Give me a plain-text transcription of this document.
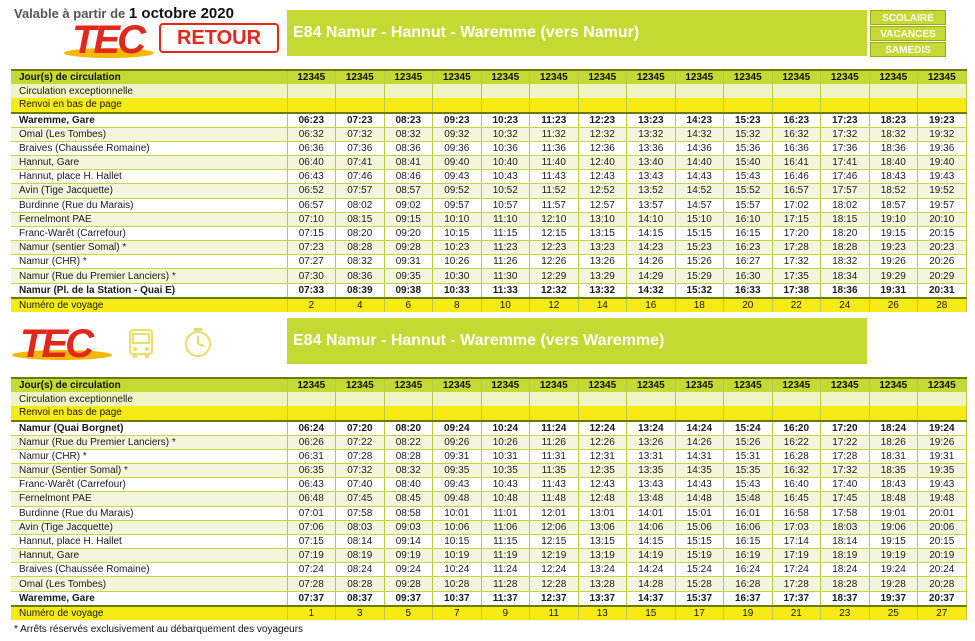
Valable à partir de 1 octobre 2020
TEC	RETOUR	E84 Namur - Hannut - Waremme (vers Namur)
SCOLAIRE
VACANCES
SAMEDIS
Jour(s) de circulation	12345	12345	12345	12345	12345	12345	12345	12345	12345	12345	12345	12345	12345	12345
Circulation exceptionnelle														
Renvoi en bas de page														
Waremme, Gare	06:23	07:23	08:23	09:23	10:23	11:23	12:23	13:23	14:23	15:23	16:23	17:23	18:23	19:23
Omal (Les Tombes)	06:32	07:32	08:32	09:32	10:32	11:32	12:32	13:32	14:32	15:32	16:32	17:32	18:32	19:32
Braives (Chaussée Romaine)	06:36	07:36	08:36	09:36	10:36	11:36	12:36	13:36	14:36	15:36	16:36	17:36	18:36	19:36
Hannut, Gare	06:40	07:41	08:41	09:40	10:40	11:40	12:40	13:40	14:40	15:40	16:41	17:41	18:40	19:40
Hannut, place H. Hallet	06:43	07:46	08:46	09:43	10:43	11:43	12:43	13:43	14:43	15:43	16:46	17:46	18:43	19:43
Avin (Tige Jacquette)	06:52	07:57	08:57	09:52	10:52	11:52	12:52	13:52	14:52	15:52	16:57	17:57	18:52	19:52
Burdinne (Rue du Marais)	06:57	08:02	09:02	09:57	10:57	11:57	12:57	13:57	14:57	15:57	17:02	18:02	18:57	19:57
Fernelmont PAE	07:10	08:15	09:15	10:10	11:10	12:10	13:10	14:10	15:10	16:10	17:15	18:15	19:10	20:10
Franc-Warêt (Carrefour)	07:15	08:20	09:20	10:15	11:15	12:15	13:15	14:15	15:15	16:15	17:20	18:20	19:15	20:15
Namur (sentier Somal) *	07:23	08:28	09:28	10:23	11:23	12:23	13:23	14:23	15:23	16:23	17:28	18:28	19:23	20:23
Namur (CHR) *	07:27	08:32	09:31	10:26	11:26	12:26	13:26	14:26	15:26	16:27	17:32	18:32	19:26	20:26
Namur (Rue du Premier Lanciers) *	07:30	08:36	09:35	10:30	11:30	12:29	13:29	14:29	15:29	16:30	17:35	18:34	19:29	20:29
Namur (Pl. de la Station - Quai E)	07:33	08:39	09:38	10:33	11:33	12:32	13:32	14:32	15:32	16:33	17:38	18:36	19:31	20:31
Numéro de voyage	2	4	6	8	10	12	14	16	18	20	22	24	26	28
TEC	E84 Namur - Hannut - Waremme (vers Waremme)
Jour(s) de circulation	12345	12345	12345	12345	12345	12345	12345	12345	12345	12345	12345	12345	12345	12345
Circulation exceptionnelle														
Renvoi en bas de page														
Namur (Quai Borgnet)	06:24	07:20	08:20	09:24	10:24	11:24	12:24	13:24	14:24	15:24	16:20	17:20	18:24	19:24
Namur (Rue du Premier Lanciers) *	06:26	07:22	08:22	09:26	10:26	11:26	12:26	13:26	14:26	15:26	16:22	17:22	18:26	19:26
Namur (CHR) *	06:31	07:28	08:28	09:31	10:31	11:31	12:31	13:31	14:31	15:31	16:28	17:28	18:31	19:31
Namur (Sentier Somal) *	06:35	07:32	08:32	09:35	10:35	11:35	12:35	13:35	14:35	15:35	16:32	17:32	18:35	19:35
Franc-Warêt (Carrefour)	06:43	07:40	08:40	09:43	10:43	11:43	12:43	13:43	14:43	15:43	16:40	17:40	18:43	19:43
Fernelmont PAE	06:48	07:45	08:45	09:48	10:48	11:48	12:48	13:48	14:48	15:48	16:45	17:45	18:48	19:48
Burdinne (Rue du Marais)	07:01	07:58	08:58	10:01	11:01	12:01	13:01	14:01	15:01	16:01	16:58	17:58	19:01	20:01
Avin (Tige Jacquette)	07:06	08:03	09:03	10:06	11:06	12:06	13:06	14:06	15:06	16:06	17:03	18:03	19:06	20:06
Hannut, place H. Hallet	07:15	08:14	09:14	10:15	11:15	12:15	13:15	14:15	15:15	16:15	17:14	18:14	19:15	20:15
Hannut, Gare	07:19	08:19	09:19	10:19	11:19	12:19	13:19	14:19	15:19	16:19	17:19	18:19	19:19	20:19
Braives (Chaussée Romaine)	07:24	08:24	09:24	10:24	11:24	12:24	13:24	14:24	15:24	16:24	17:24	18:24	19:24	20:24
Omal (Les Tombes)	07:28	08:28	09:28	10:28	11:28	12:28	13:28	14:28	15:28	16:28	17:28	18:28	19:28	20:28
Waremme, Gare	07:37	08:37	09:37	10:37	11:37	12:37	13:37	14:37	15:37	16:37	17:37	18:37	19:37	20:37
Numéro de voyage	1	3	5	7	9	11	13	15	17	19	21	23	25	27
* Arrêts réservés exclusivement au débarquement des voyageurs
